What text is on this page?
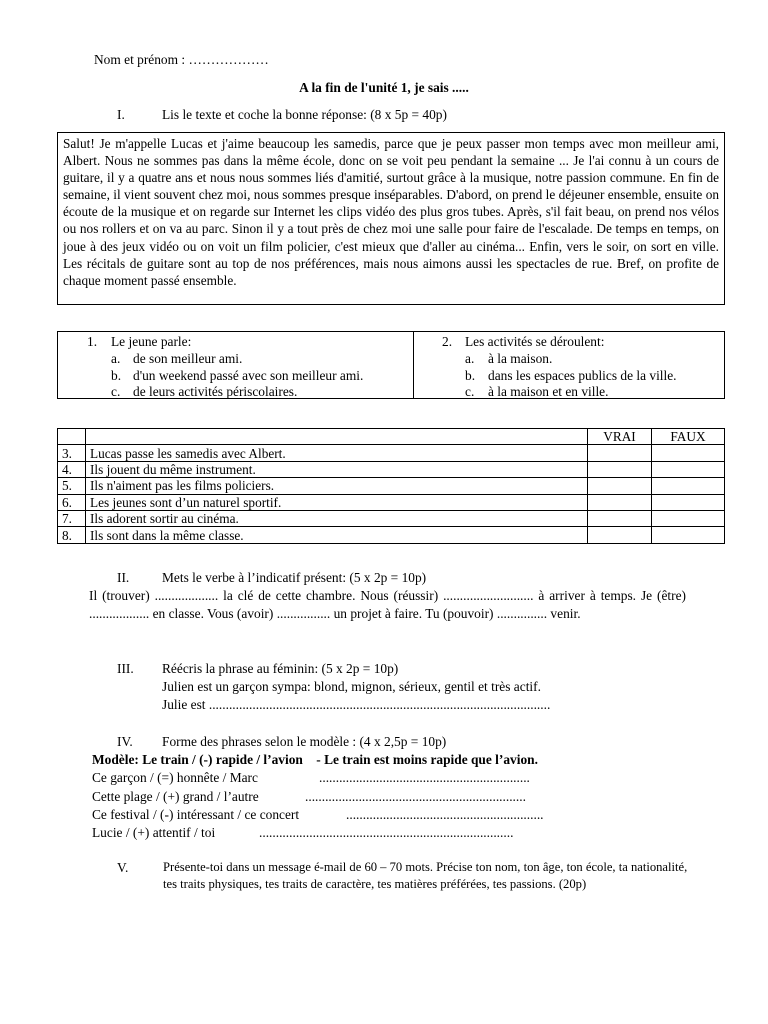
Nom et prénom : ………………
A la fin de l'unité 1, je sais .....
I.	Lis le texte et coche la bonne réponse: (8 x 5p = 40p)
Salut! Je m'appelle Lucas et j'aime beaucoup les samedis, parce que je peux passer mon temps avec mon meilleur ami, Albert. Nous ne sommes pas dans la même école, donc on se voit peu pendant la semaine ... Je l'ai connu à un cours de guitare, il y a quatre ans et nous nous sommes liés d'amitié, surtout grâce à la musique, notre passion commune. En fin de semaine, il vient souvent chez moi, nous sommes presque inséparables. D'abord, on prend le déjeuner ensemble, ensuite on écoute de la musique et on regarde sur Internet les clips vidéo des plus gros tubes. Après, s'il fait beau, on prend nos vélos ou nos rollers et on va au parc. Sinon il y a tout près de chez moi une salle pour faire de l'escalade. De temps en temps, on joue à des jeux vidéo ou on voit un film policier, c'est mieux que d'aller au cinéma... Enfin, vers le soir, on sort en ville. Les récitals de guitare sont au top de nos préférences, mais nous aimons aussi les spectacles de rue. Bref, on profite de chaque moment passé ensemble.
1. Le jeune parle:
a. de son meilleur ami.
b. d'un weekend passé avec son meilleur ami.
c. de leurs activités périscolaires.
2. Les activités se déroulent:
a. à la maison.
b. dans les espaces publics de la ville.
c. à la maison et en ville.
		VRAI	FAUX
3.	Lucas passe les samedis avec Albert.		
4.	Ils jouent du même instrument.		
5.	Ils n'aiment pas les films policiers.		
6.	Les jeunes sont d’un naturel sportif.		
7.	Ils adorent sortir au cinéma.		
8.	Ils sont dans la même classe.		
II. Mets le verbe à l’indicatif présent: (5 x 2p = 10p)
Il (trouver) ................... la clé de cette chambre. Nous (réussir) ........................... à arriver à temps. Je (être) .................. en classe. Vous (avoir) ................ un projet à faire. Tu (pouvoir) ............... venir.
III. Réécris la phrase au féminin: (5 x 2p = 10p)
Julien est un garçon sympa: blond, mignon, sérieux, gentil et très actif.
Julie est ......................................................................................................
IV. Forme des phrases selon le modèle : (4 x 2,5p = 10p)
Modèle: Le train / (-) rapide / l’avion    - Le train est moins rapide que l’avion.
Ce garçon / (=) honnête / Marc	...............................................................
Cette plage / (+) grand / l’autre	..................................................................
Ce festival / (-) intéressant / ce concert	...........................................................
Lucie / (+) attentif / toi	............................................................................
V.	Présente-toi dans un message é-mail de 60 – 70 mots. Précise ton nom, ton âge, ton école, ta nationalité, tes traits physiques, tes traits de caractère, tes matières préférées, tes passions. (20p)
